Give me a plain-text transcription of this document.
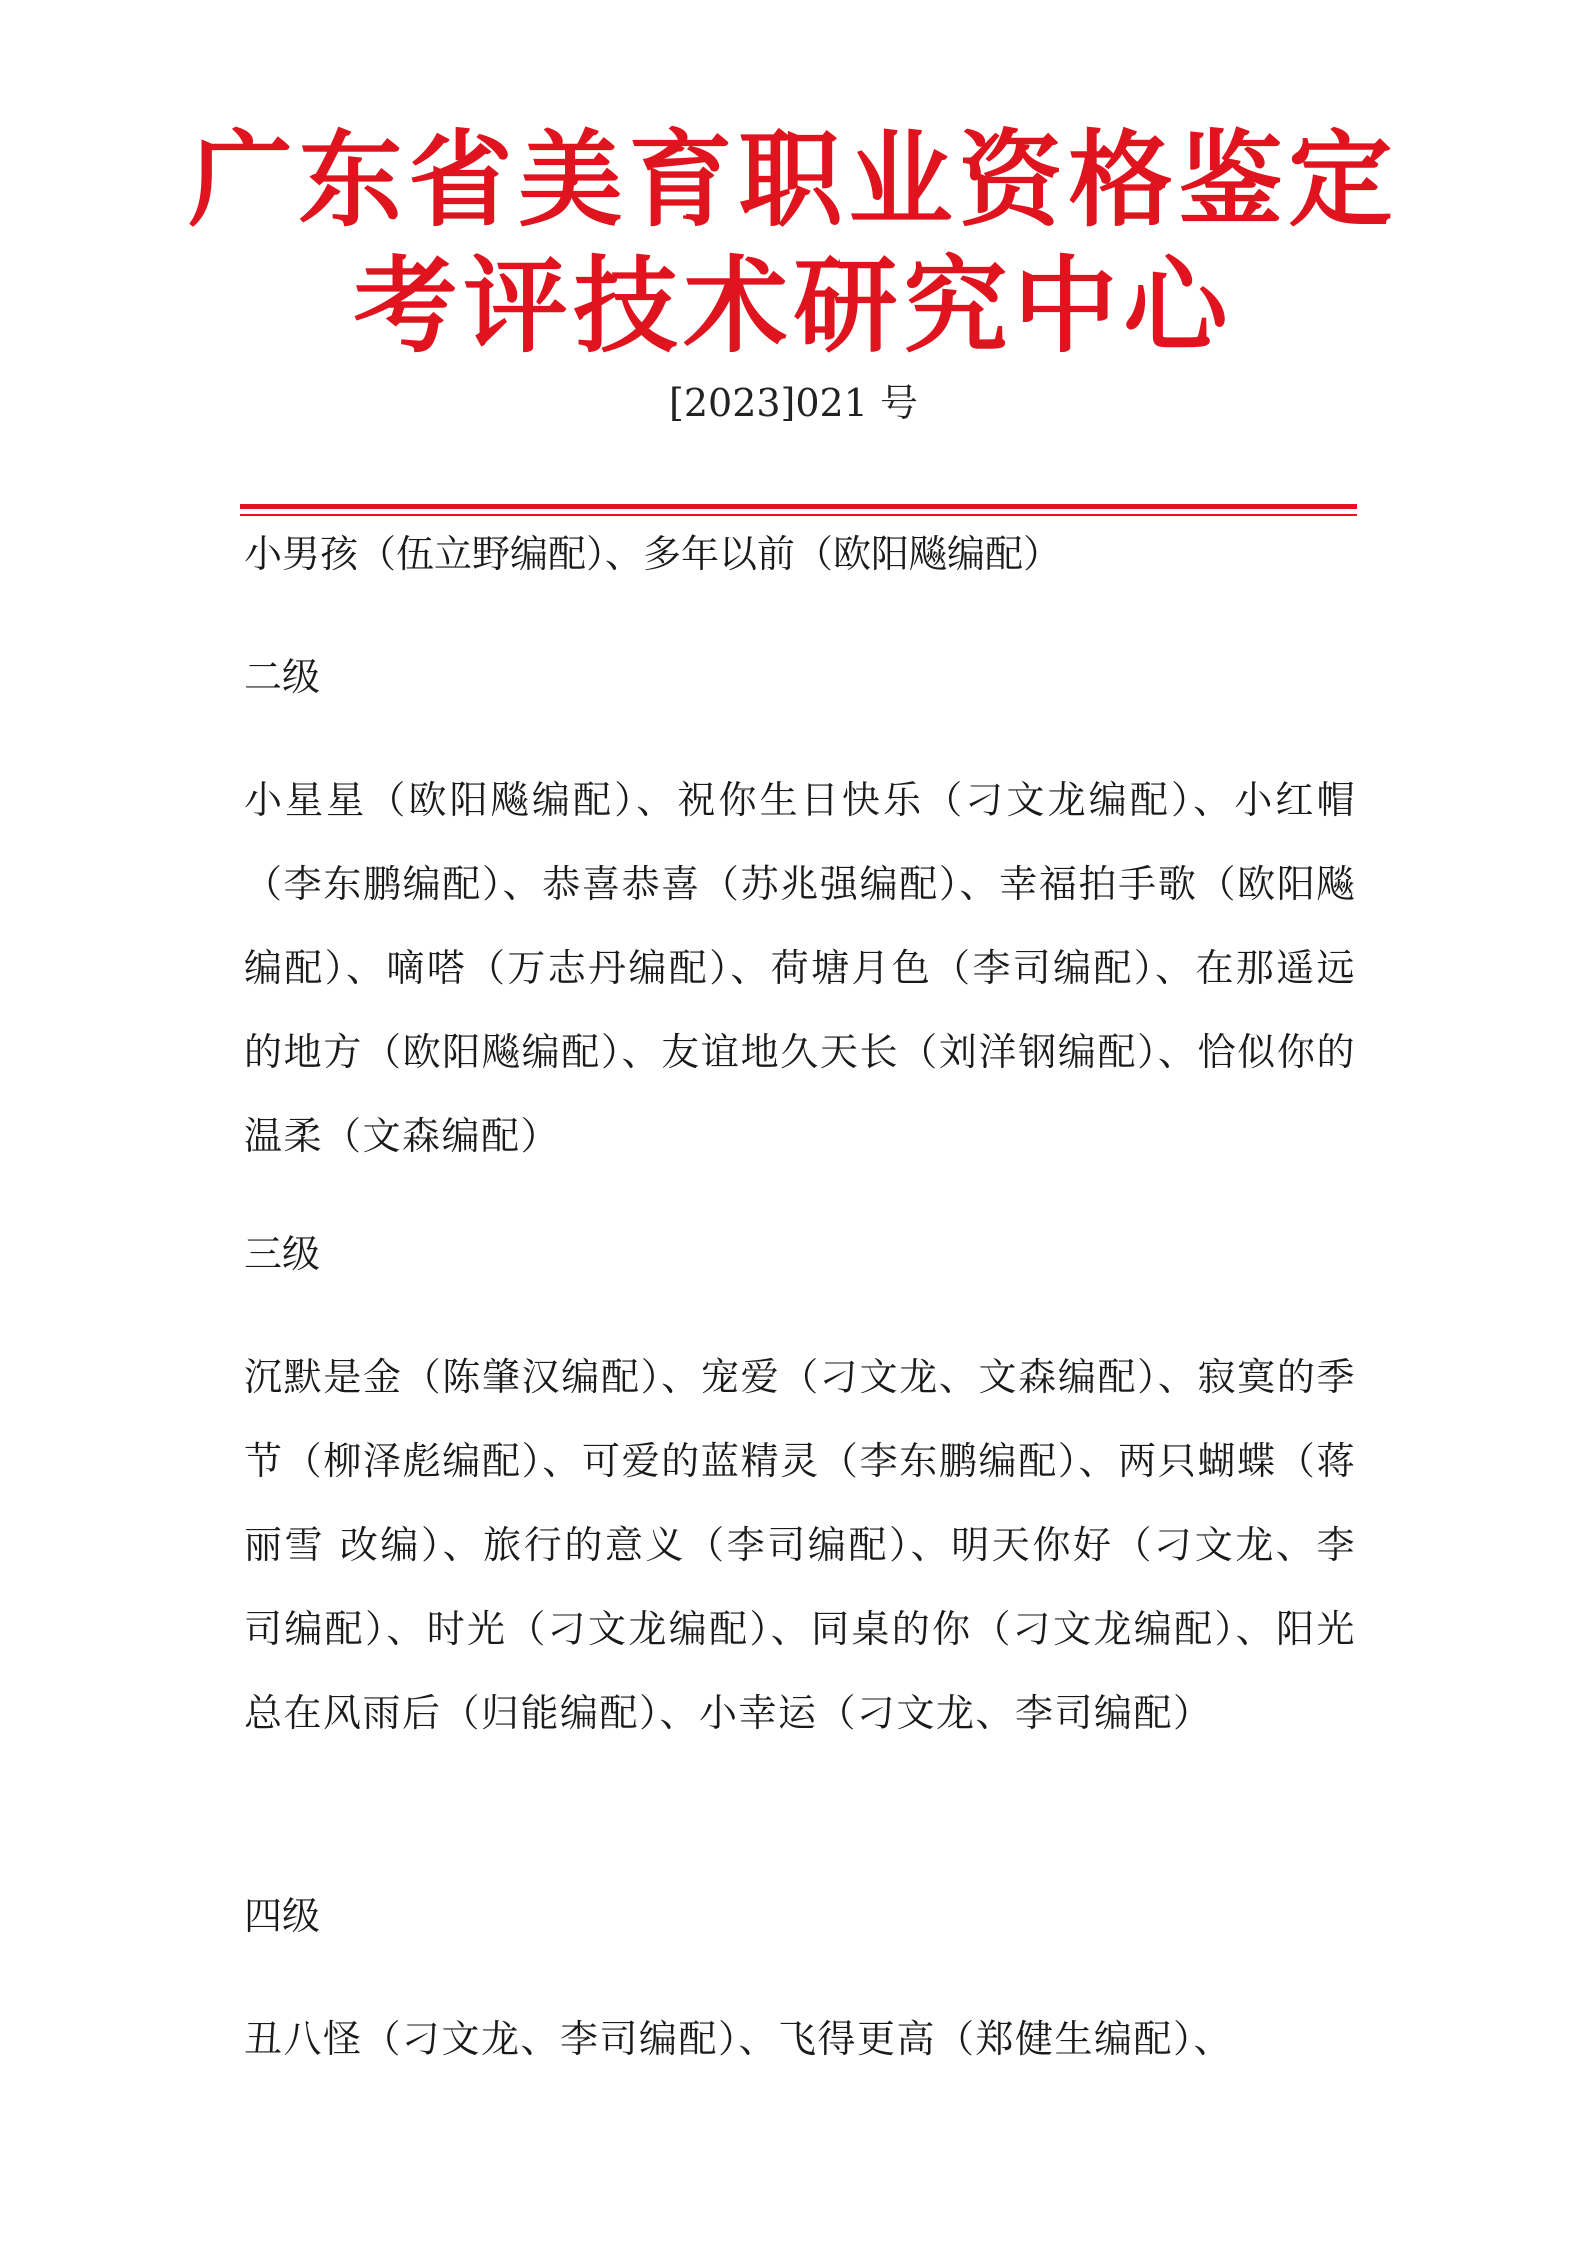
广东省美育职业资格鉴定
考评技术研究中心
[2023]021 号
小男孩（伍立野编配）、多年以前（欧阳飚编配）
二级
小星星（欧阳飚编配）、祝你生日快乐（刁文龙编配）、小红帽（李东鹏编配）、恭喜恭喜（苏兆强编配）、幸福拍手歌（欧阳飚 编配）、嘀嗒（万志丹编配）、荷塘月色（李司编配）、在那遥远的地方（欧阳飚编配）、友谊地久天长（刘洋钢编配）、恰似你的温柔（文森编配）
三级
沉默是金（陈肇汉编配）、宠爱（刁文龙、文森编配）、寂寞的季节（柳泽彪编配）、可爱的蓝精灵（李东鹏编配）、两只蝴蝶（蒋丽雪 改编）、旅行的意义（李司编配）、明天你好（刁文龙、李司编配）、时光（刁文龙编配）、同桌的你（刁文龙编配）、阳光总在风雨后（归能编配）、小幸运（刁文龙、李司编配）
四级
丑八怪（刁文龙、李司编配）、飞得更高（郑健生编配）、
